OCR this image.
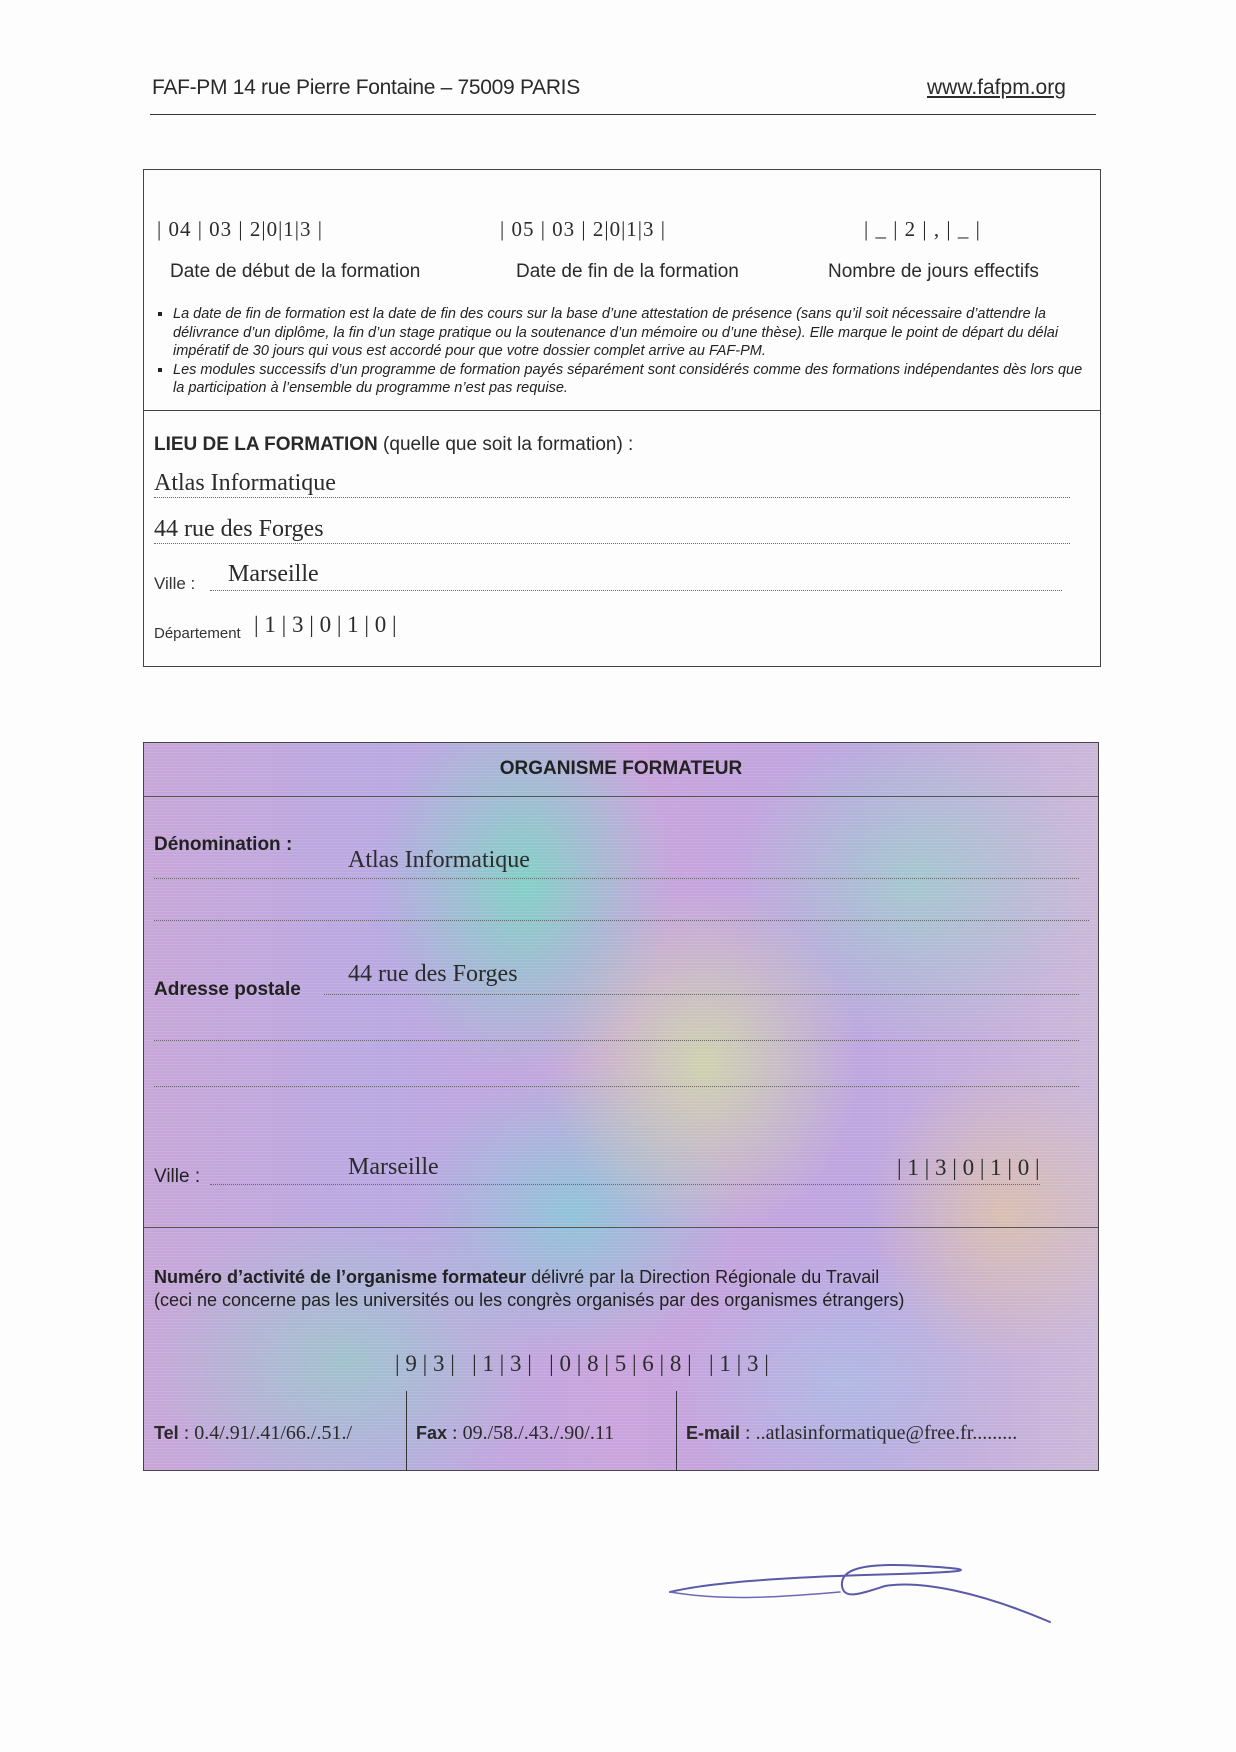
FAF-PM 14 rue Pierre Fontaine – 75009 PARIS	www.fafpm.org
| 04 | 03 | 2|0|1|3 |	| 05 | 03 | 2|0|1|3 |	| _ | 2 | , | _ |
Date de début de la formation	Date de fin de la formation	Nombre de jours effectifs
▪ La date de fin de formation est la date de fin des cours sur la base d’une attestation de présence (sans qu’il soit nécessaire d’attendre la délivrance d’un diplôme, la fin d’un stage pratique ou la soutenance d’un mémoire ou d’une thèse). Elle marque le point de départ du délai impératif de 30 jours qui vous est accordé pour que votre dossier complet arrive au FAF-PM.
▪ Les modules successifs d’un programme de formation payés séparément sont considérés comme des formations indépendantes dès lors que la participation à l’ensemble du programme n’est pas requise.
LIEU DE LA FORMATION (quelle que soit la formation) :
Atlas Informatique
44 rue des Forges
Ville : Marseille
Département | 1 | 3 | 0 | 1 | 0 |
ORGANISME FORMATEUR
Dénomination :
Atlas Informatique
Adresse postale
44 rue des Forges
Ville :	Marseille	| 1 | 3 | 0 | 1 | 0 |
Numéro d’activité de l’organisme formateur délivré par la Direction Régionale du Travail
(ceci ne concerne pas les universités ou les congrès organisés par des organismes étrangers)
| 9 | 3 |   | 1 | 3 |   | 0 | 8 | 5 | 6 | 8 |   | 1 | 3 |
Tel : 0.4/.91/.41/66./.51./	Fax : 09./58./.43./.90/.11	E-mail : ..atlasinformatique@free.fr.........
